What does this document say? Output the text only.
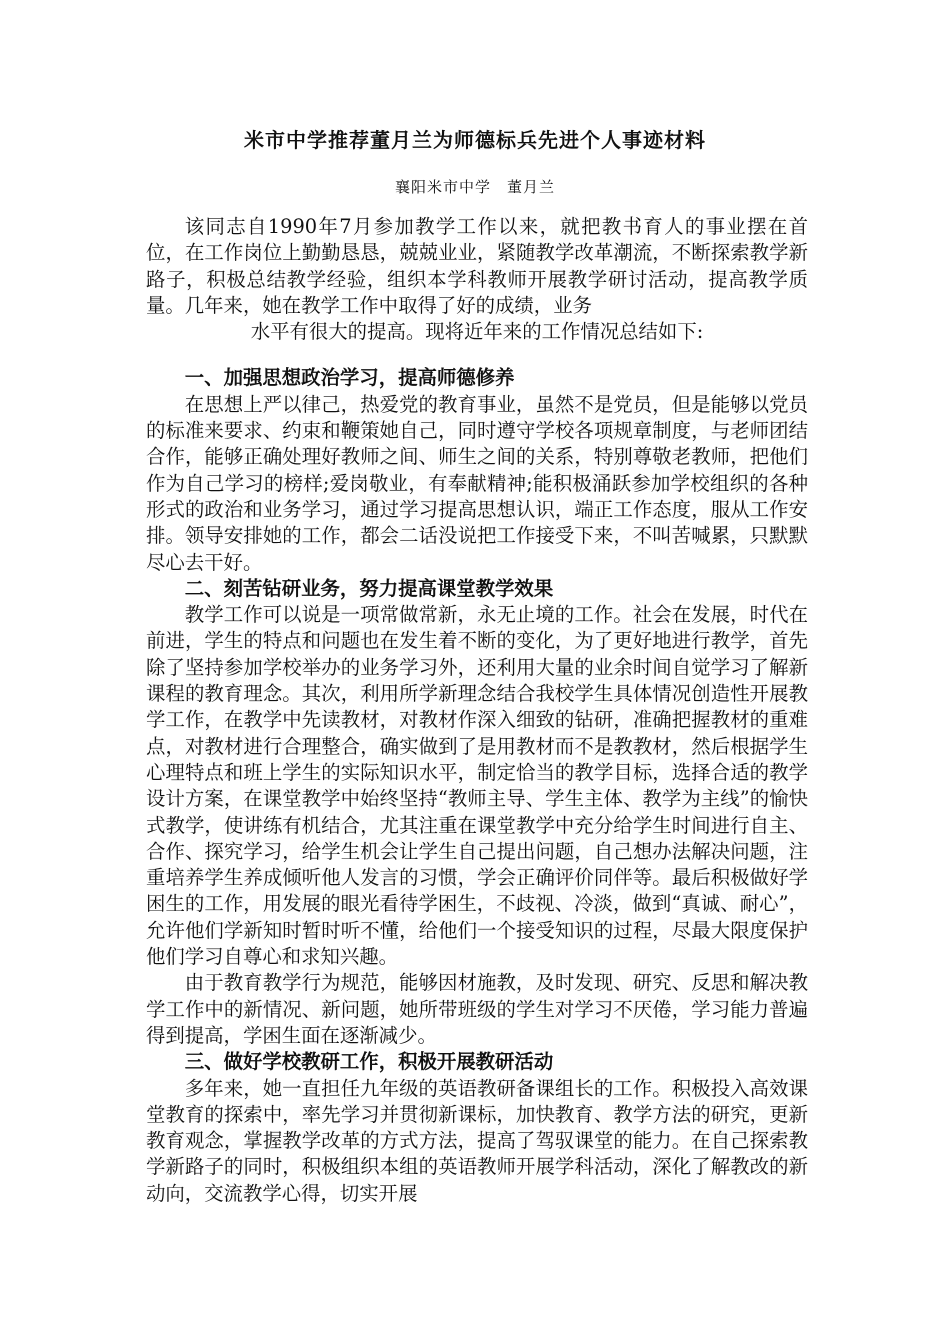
米市中学推荐董月兰为师德标兵先进个人事迹材料
襄阳米市中学　董月兰

该同志自1990年7月参加教学工作以来，就把教书育人的事业摆在首位，在工作岗位上勤勤恳恳，兢兢业业，紧随教学改革潮流，不断探索教学新路子，积极总结教学经验，组织本学科教师开展教学研讨活动，提高教学质量。几年来，她在教学工作中取得了好的成绩，业务

水平有很大的提高。现将近年来的工作情况总结如下:

一、加强思想政治学习，提高师德修养

在思想上严以律己，热爱党的教育事业，虽然不是党员，但是能够以党员的标准来要求、约束和鞭策她自己，同时遵守学校各项规章制度，与老师团结合作，能够正确处理好教师之间、师生之间的关系，特别尊敬老教师，把他们作为自己学习的榜样;爱岗敬业，有奉献精神;能积极涌跃参加学校组织的各种形式的政治和业务学习，通过学习提高思想认识，端正工作态度，服从工作安排。领导安排她的工作，都会二话没说把工作接受下来，不叫苦喊累，只默默尽心去干好。

二、刻苦钻研业务，努力提高课堂教学效果

教学工作可以说是一项常做常新，永无止境的工作。社会在发展，时代在前进，学生的特点和问题也在发生着不断的变化，为了更好地进行教学，首先除了坚持参加学校举办的业务学习外，还利用大量的业余时间自觉学习了解新课程的教育理念。其次，利用所学新理念结合我校学生具体情况创造性开展教学工作，在教学中先读教材，对教材作深入细致的钻研，准确把握教材的重难点，对教材进行合理整合，确实做到了是用教材而不是教教材，然后根据学生心理特点和班上学生的实际知识水平，制定恰当的教学目标，选择合适的教学设计方案，在课堂教学中始终坚持“教师主导、学生主体、教学为主线”的愉快式教学，使讲练有机结合，尤其注重在课堂教学中充分给学生时间进行自主、合作、探究学习，给学生机会让学生自己提出问题，自己想办法解决问题，注重培养学生养成倾听他人发言的习惯，学会正确评价同伴等。最后积极做好学困生的工作，用发展的眼光看待学困生，不歧视、冷淡，做到“真诚、耐心”，允许他们学新知时暂时听不懂，给他们一个接受知识的过程，尽最大限度保护他们学习自尊心和求知兴趣。

由于教育教学行为规范，能够因材施教，及时发现、研究、反思和解决教学工作中的新情况、新问题，她所带班级的学生对学习不厌倦，学习能力普遍得到提高，学困生面在逐渐减少。

三、做好学校教研工作，积极开展教研活动

多年来，她一直担任九年级的英语教研备课组长的工作。积极投入高效课堂教育的探索中，率先学习并贯彻新课标，加快教育、教学方法的研究，更新教育观念，掌握教学改革的方式方法，提高了驾驭课堂的能力。在自己探索教学新路子的同时，积极组织本组的英语教师开展学科活动，深化了解教改的新动向，交流教学心得，切实开展
